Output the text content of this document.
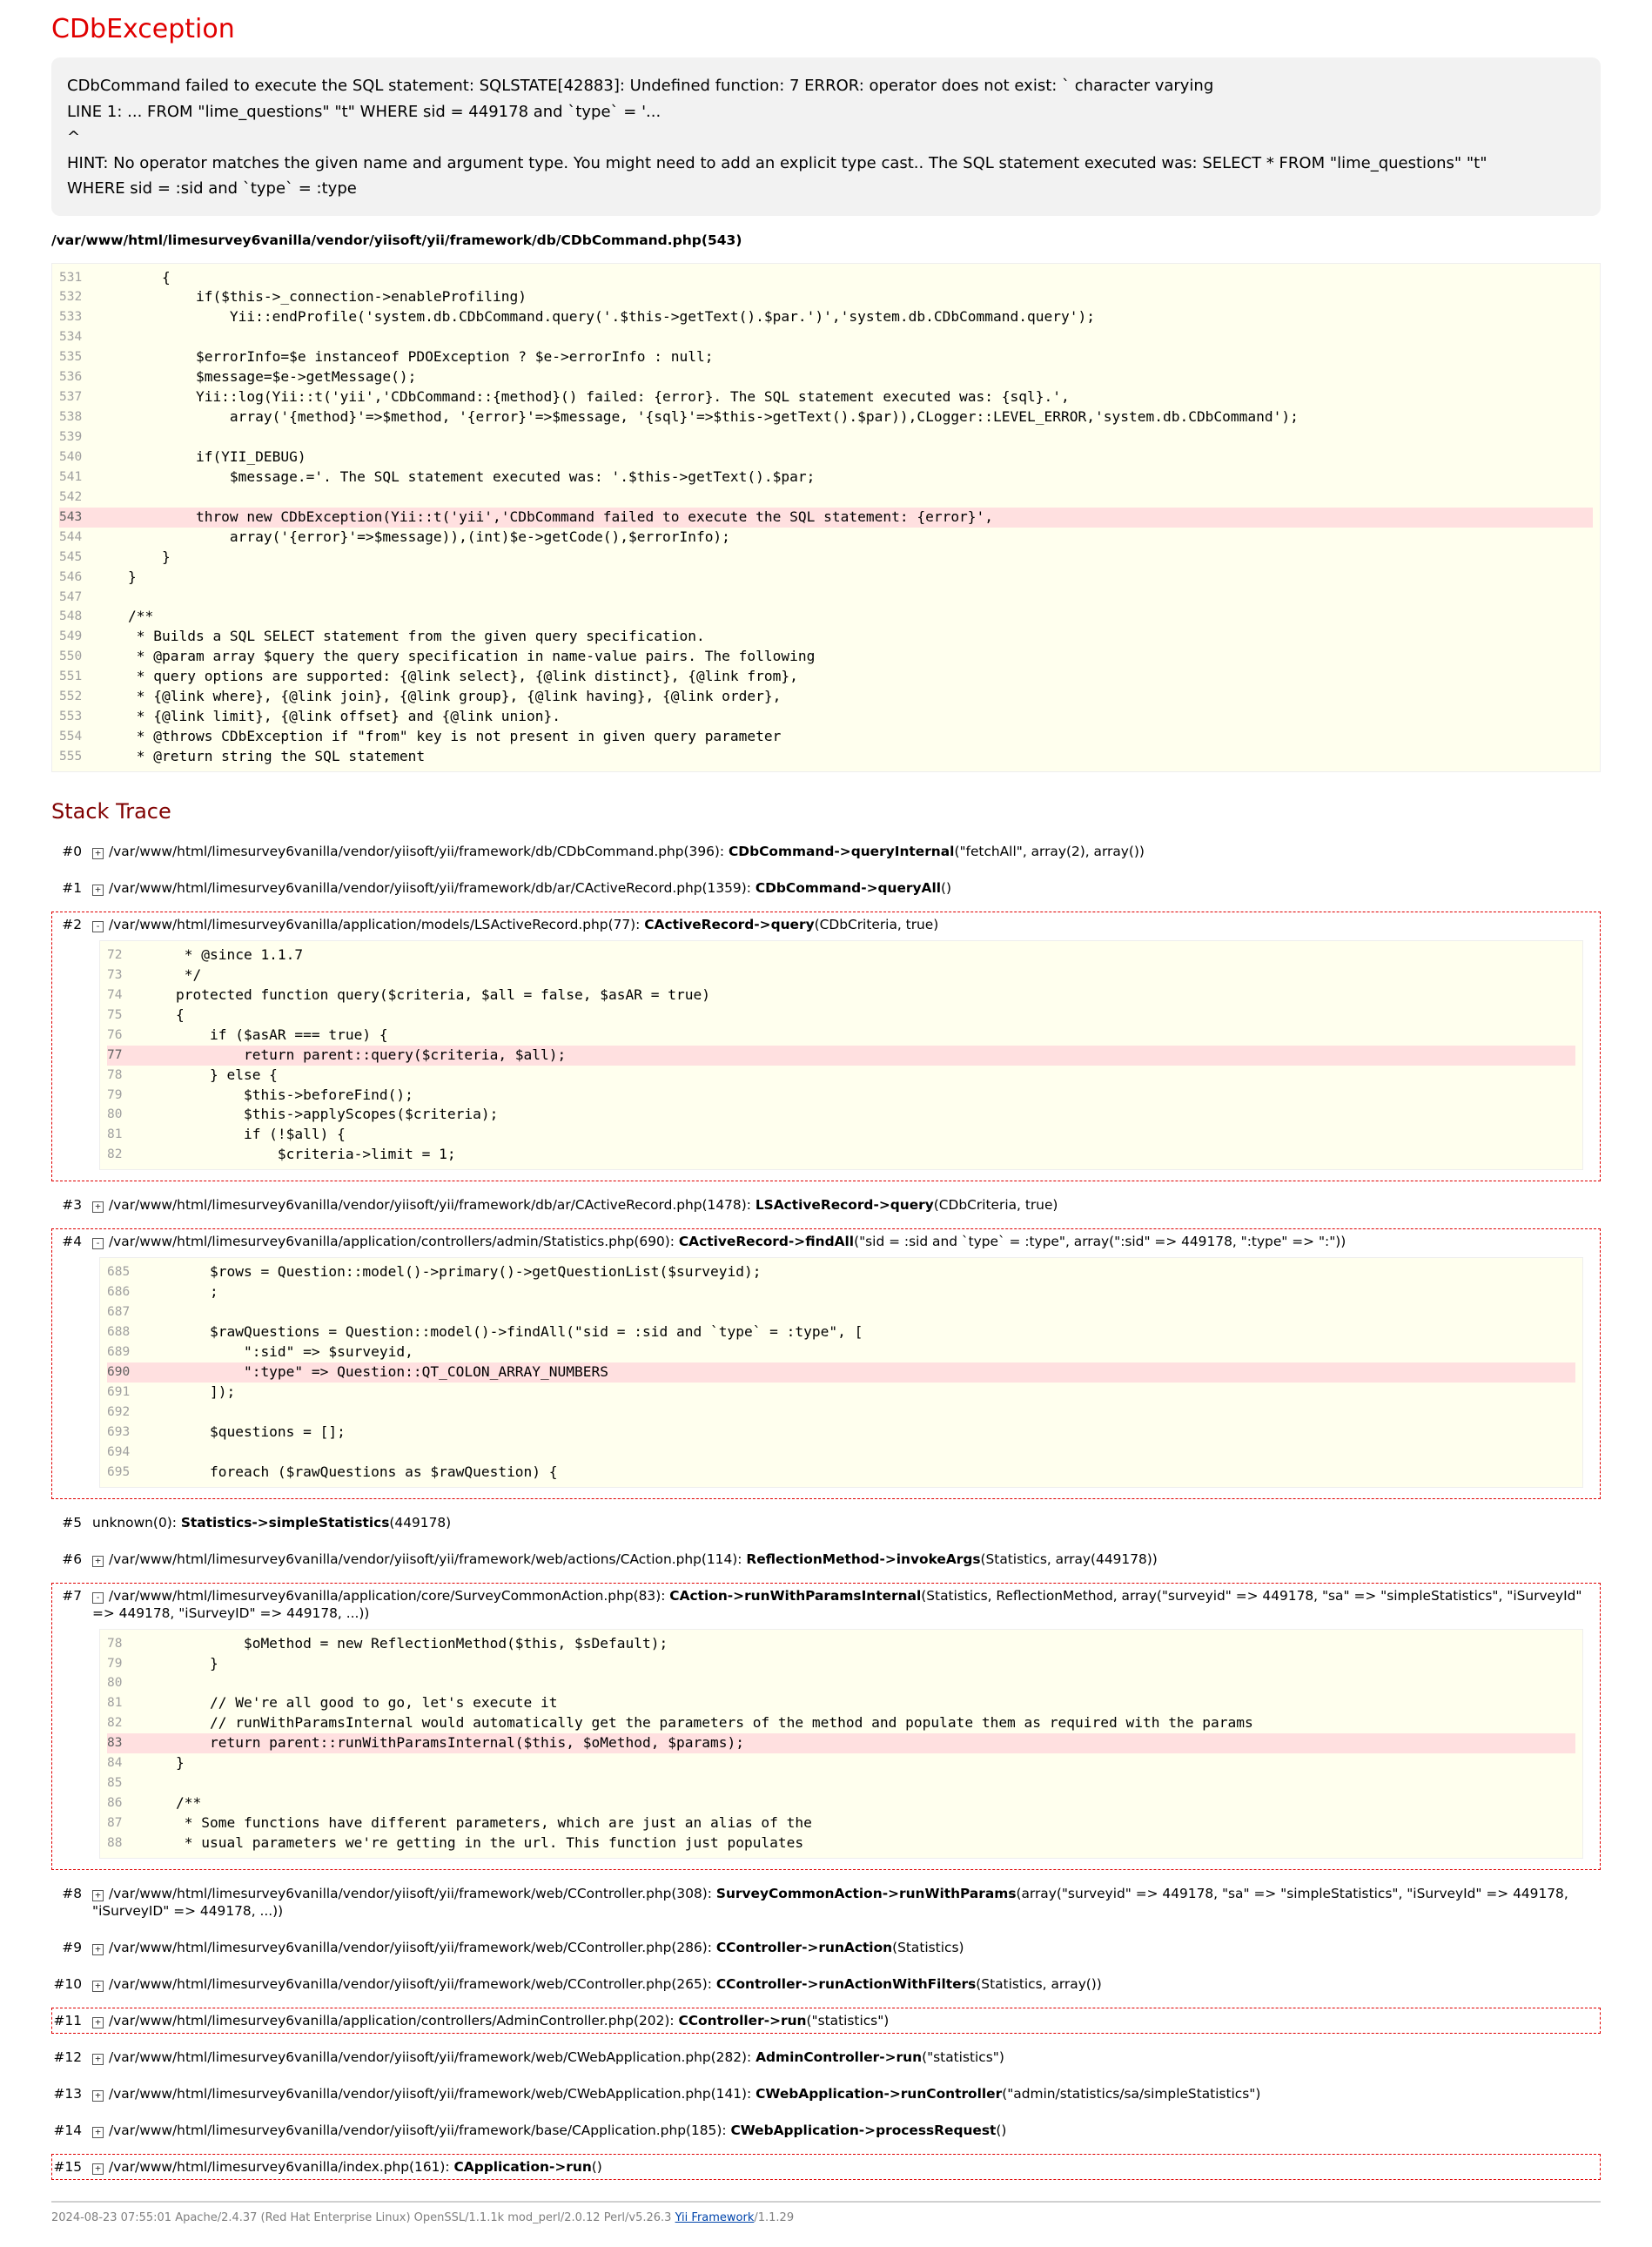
CDbException
CDbCommand failed to execute the SQL statement: SQLSTATE[42883]: Undefined function: 7 ERROR: operator does not exist: ` character varying
LINE 1: ... FROM "lime_questions" "t" WHERE sid = 449178 and `type` = '...
^
HINT: No operator matches the given name and argument type. You might need to add an explicit type cast.. The SQL statement executed was: SELECT * FROM "lime_questions" "t"
WHERE sid = :sid and `type` = :type
/var/www/html/limesurvey6vanilla/vendor/yiisoft/yii/framework/db/CDbCommand.php(543)
531 {
532 if($this->_connection->enableProfiling)
533 Yii::endProfile('system.db.CDbCommand.query('.$this->getText().$par.')','system.db.CDbCommand.query');
534
535 $errorInfo=$e instanceof PDOException ? $e->errorInfo : null;
536 $message=$e->getMessage();
537 Yii::log(Yii::t('yii','CDbCommand::{method}() failed: {error}. The SQL statement executed was: {sql}.',
538 array('{method}'=>$method, '{error}'=>$message, '{sql}'=>$this->getText().$par)),CLogger::LEVEL_ERROR,'system.db.CDbCommand');
539
540 if(YII_DEBUG)
541 $message.='. The SQL statement executed was: '.$this->getText().$par;
542
543 throw new CDbException(Yii::t('yii','CDbCommand failed to execute the SQL statement: {error}',
544 array('{error}'=>$message)),(int)$e->getCode(),$errorInfo);
545 }
546 }
547
548 /**
549 * Builds a SQL SELECT statement from the given query specification.
550 * @param array $query the query specification in name-value pairs. The following
551 * query options are supported: {@link select}, {@link distinct}, {@link from},
552 * {@link where}, {@link join}, {@link group}, {@link having}, {@link order},
553 * {@link limit}, {@link offset} and {@link union}.
554 * @throws CDbException if "from" key is not present in given query parameter
555 * @return string the SQL statement
Stack Trace
#0	+ /var/www/html/limesurvey6vanilla/vendor/yiisoft/yii/framework/db/CDbCommand.php(396): CDbCommand->queryInternal("fetchAll", array(2), array())
#1	+ /var/www/html/limesurvey6vanilla/vendor/yiisoft/yii/framework/db/ar/CActiveRecord.php(1359): CDbCommand->queryAll()
#2	- /var/www/html/limesurvey6vanilla/application/models/LSActiveRecord.php(77): CActiveRecord->query(CDbCriteria, true)
72	* @since 1.1.7
73	*/
74	protected function query($criteria, $all = false, $asAR = true)
75	{
76	if ($asAR === true) {
77	return parent::query($criteria, $all);
78	} else {
79	$this->beforeFind();
80	$this->applyScopes($criteria);
81	if (!$all) {
82	$criteria->limit = 1;
#3	+ /var/www/html/limesurvey6vanilla/vendor/yiisoft/yii/framework/db/ar/CActiveRecord.php(1478): LSActiveRecord->query(CDbCriteria, true)
#4	- /var/www/html/limesurvey6vanilla/application/controllers/admin/Statistics.php(690): CActiveRecord->findAll("sid = :sid and `type` = :type", array(":sid" => 449178, ":type" => ":"))
685 $rows = Question::model()->primary()->getQuestionList($surveyid);
686 ;
687
688 $rawQuestions = Question::model()->findAll("sid = :sid and `type` = :type", [
689 ":sid" => $surveyid,
690 ":type" => Question::QT_COLON_ARRAY_NUMBERS
691 ]);
692
693 $questions = [];
694
695 foreach ($rawQuestions as $rawQuestion) {
#5 unknown(0): Statistics->simpleStatistics(449178)
#6	+ /var/www/html/limesurvey6vanilla/vendor/yiisoft/yii/framework/web/actions/CAction.php(114): ReflectionMethod->invokeArgs(Statistics, array(449178))
#7	- /var/www/html/limesurvey6vanilla/application/core/SurveyCommonAction.php(83): CAction->runWithParamsInternal(Statistics, ReflectionMethod, array("surveyid" => 449178, "sa" => "simpleStatistics", "iSurveyId" => 449178, "iSurveyID" => 449178, ...))
78	$oMethod = new ReflectionMethod($this, $sDefault);
79	}
80
81	// We're all good to go, let's execute it
82	// runWithParamsInternal would automatically get the parameters of the method and populate them as required with the params
83	return parent::runWithParamsInternal($this, $oMethod, $params);
84	}
85
86	/**
87	* Some functions have different parameters, which are just an alias of the
88	* usual parameters we're getting in the url. This function just populates
#8	+ /var/www/html/limesurvey6vanilla/vendor/yiisoft/yii/framework/web/CController.php(308): SurveyCommonAction->runWithParams(array("surveyid" => 449178, "sa" => "simpleStatistics", "iSurveyId" => 449178, "iSurveyID" => 449178, ...))
#9	+ /var/www/html/limesurvey6vanilla/vendor/yiisoft/yii/framework/web/CController.php(286): CController->runAction(Statistics)
#10	+ /var/www/html/limesurvey6vanilla/vendor/yiisoft/yii/framework/web/CController.php(265): CController->runActionWithFilters(Statistics, array())
#11	+ /var/www/html/limesurvey6vanilla/application/controllers/AdminController.php(202): CController->run("statistics")
#12	+ /var/www/html/limesurvey6vanilla/vendor/yiisoft/yii/framework/web/CWebApplication.php(282): AdminController->run("statistics")
#13	+ /var/www/html/limesurvey6vanilla/vendor/yiisoft/yii/framework/web/CWebApplication.php(141): CWebApplication->runController("admin/statistics/sa/simpleStatistics")
#14	+ /var/www/html/limesurvey6vanilla/vendor/yiisoft/yii/framework/base/CApplication.php(185): CWebApplication->processRequest()
#15	+ /var/www/html/limesurvey6vanilla/index.php(161): CApplication->run()
2024-08-23 07:55:01 Apache/2.4.37 (Red Hat Enterprise Linux) OpenSSL/1.1.1k mod_perl/2.0.12 Perl/v5.26.3 Yii Framework/1.1.29
